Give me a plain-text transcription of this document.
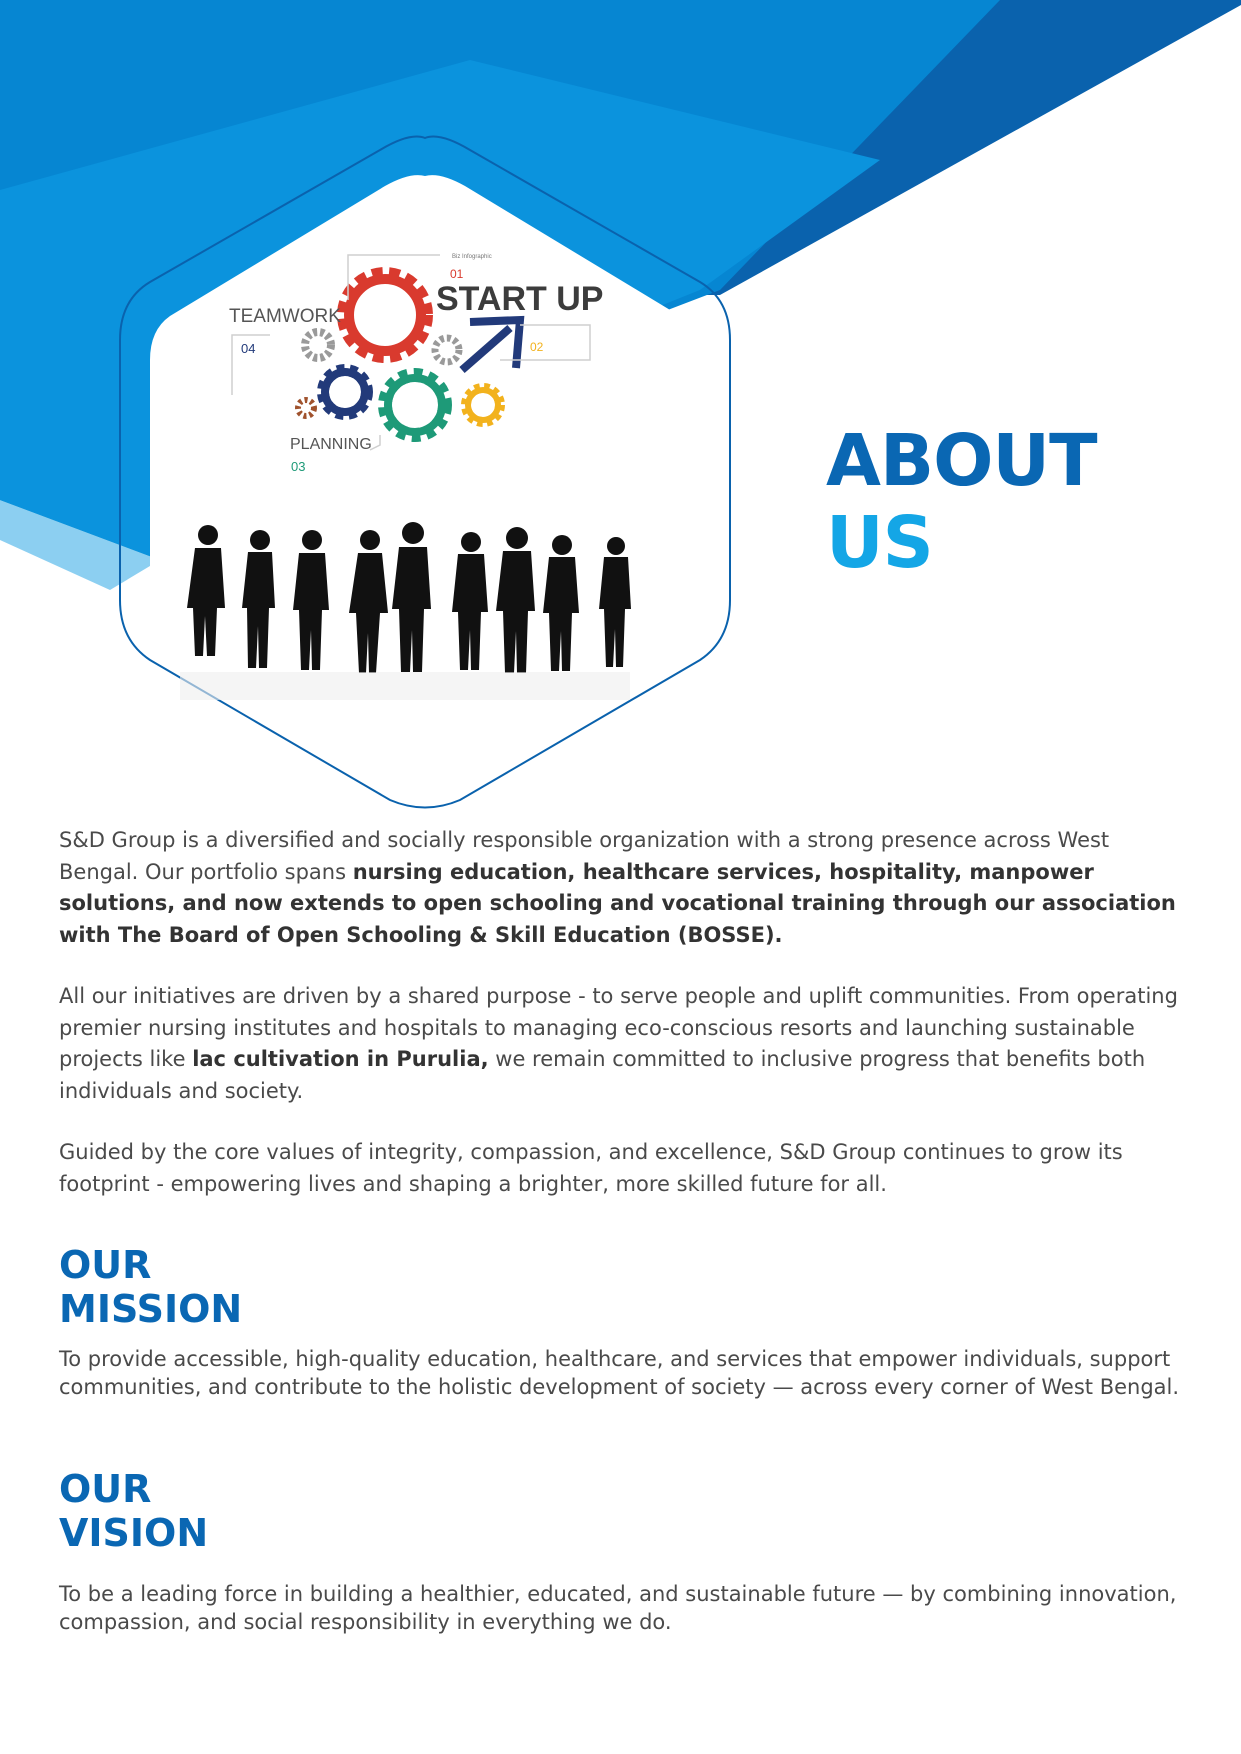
START UP
TEAMWORK
PLANNING
01
02
03
04
Biz Infographic
ABOUT
US

S&D Group is a diversified and socially responsible organization with a strong presence across West Bengal. Our portfolio spans nursing education, healthcare services, hospitality, manpower solutions, and now extends to open schooling and vocational training through our association with The Board of Open Schooling & Skill Education (BOSSE).

All our initiatives are driven by a shared purpose - to serve people and uplift communities. From operating premier nursing institutes and hospitals to managing eco-conscious resorts and launching sustainable projects like lac cultivation in Purulia, we remain committed to inclusive progress that benefits both individuals and society.

Guided by the core values of integrity, compassion, and excellence, S&D Group continues to grow its footprint - empowering lives and shaping a brighter, more skilled future for all.

OUR
MISSION

To provide accessible, high-quality education, healthcare, and services that empower individuals, support communities, and contribute to the holistic development of society — across every corner of West Bengal.

OUR
VISION

To be a leading force in building a healthier, educated, and sustainable future — by combining innovation, compassion, and social responsibility in everything we do.
